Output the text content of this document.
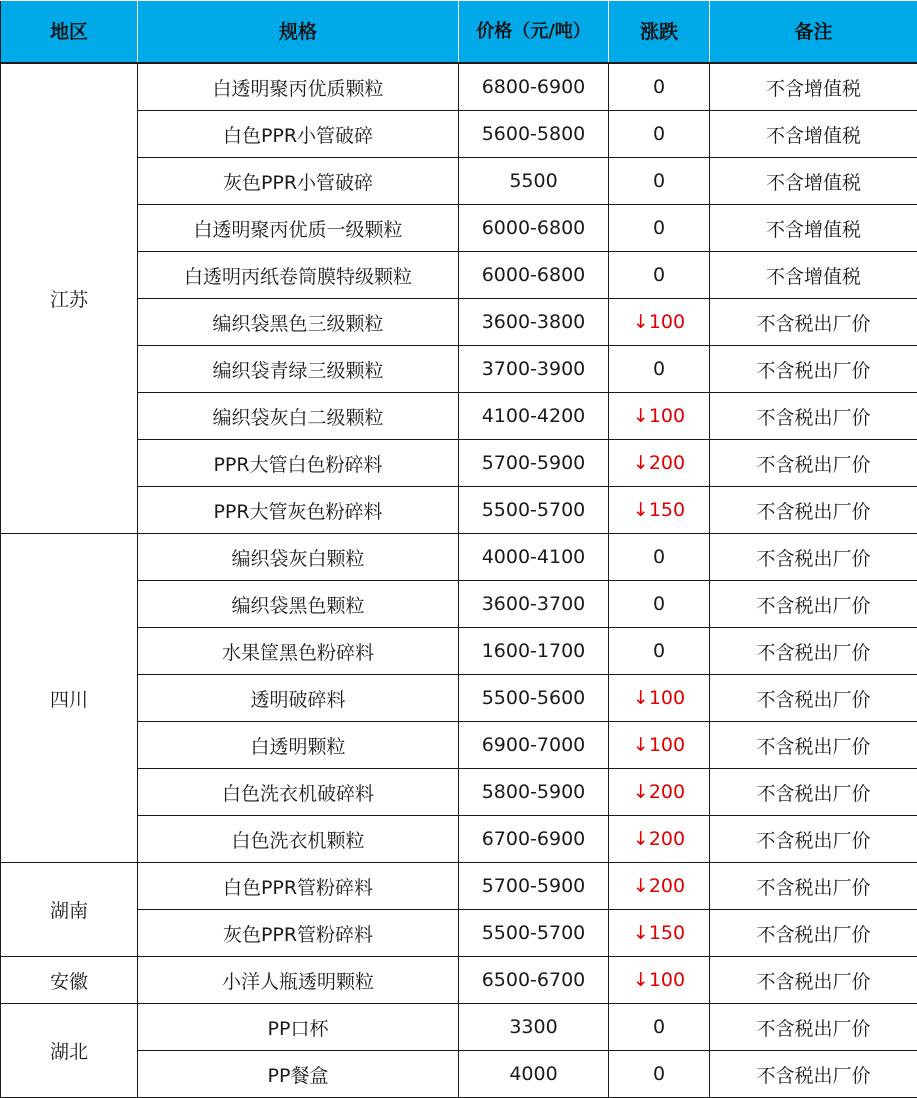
地区	规格	价格（元/吨）	涨跌	备注
江苏	白透明聚丙优质颗粒	6800-6900	0	不含增值税
	白色PPR小管破碎	5600-5800	0	不含增值税
	灰色PPR小管破碎	5500	0	不含增值税
	白透明聚丙优质一级颗粒	6000-6800	0	不含增值税
	白透明丙纸卷筒膜特级颗粒	6000-6800	0	不含增值税
	编织袋黑色三级颗粒	3600-3800	↓100	不含税出厂价
	编织袋青绿三级颗粒	3700-3900	0	不含税出厂价
	编织袋灰白二级颗粒	4100-4200	↓100	不含税出厂价
	PPR大管白色粉碎料	5700-5900	↓200	不含税出厂价
	PPR大管灰色粉碎料	5500-5700	↓150	不含税出厂价
四川	编织袋灰白颗粒	4000-4100	0	不含税出厂价
	编织袋黑色颗粒	3600-3700	0	不含税出厂价
	水果筐黑色粉碎料	1600-1700	0	不含税出厂价
	透明破碎料	5500-5600	↓100	不含税出厂价
	白透明颗粒	6900-7000	↓100	不含税出厂价
	白色洗衣机破碎料	5800-5900	↓200	不含税出厂价
	白色洗衣机颗粒	6700-6900	↓200	不含税出厂价
湖南	白色PPR管粉碎料	5700-5900	↓200	不含税出厂价
	灰色PPR管粉碎料	5500-5700	↓150	不含税出厂价
安徽	小洋人瓶透明颗粒	6500-6700	↓100	不含税出厂价
湖北	PP口杯	3300	0	不含税出厂价
	PP餐盒	4000	0	不含税出厂价
